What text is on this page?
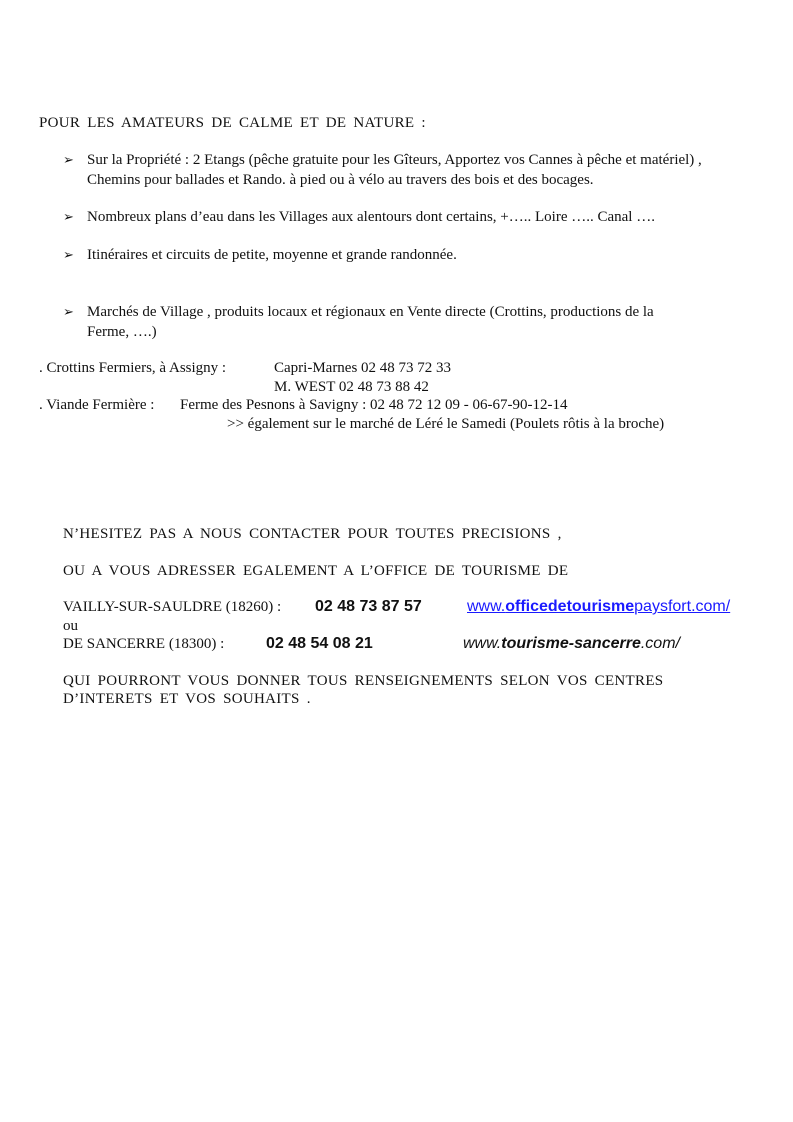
POUR LES AMATEURS DE CALME ET DE NATURE :
➢ Sur la Propriété : 2 Etangs (pêche gratuite pour les Gîteurs, Apportez vos Cannes à pêche et matériel) ,
Chemins pour ballades et Rando. à pied ou à vélo au travers des bois et des bocages.
➢ Nombreux plans d’eau dans les Villages aux alentours dont certains, +….. Loire ….. Canal ….
➢ Itinéraires et circuits de petite, moyenne et grande randonnée.
➢ Marchés de Village , produits locaux et régionaux en Vente directe (Crottins, productions de la
Ferme, ….)
. Crottins Fermiers, à Assigny :	Capri-Marnes 02 48 73 72 33
M. WEST 02 48 73 88 42
. Viande Fermière : Ferme des Pesnons à Savigny : 02 48 72 12 09 - 06-67-90-12-14
>> également sur le marché de Léré le Samedi (Poulets rôtis à la broche)
N’HESITEZ PAS A NOUS CONTACTER POUR TOUTES PRECISIONS ,
OU A VOUS ADRESSER EGALEMENT A L’OFFICE DE TOURISME DE
VAILLY-SUR-SAULDRE (18260) : 02 48 73 87 57	www.officedetourismepaysfort.com/
ou
DE SANCERRE (18300) :	02 48 54 08 21	www.tourisme-sancerre.com/
QUI POURRONT VOUS DONNER TOUS RENSEIGNEMENTS SELON VOS CENTRES
D’INTERETS ET VOS SOUHAITS .
